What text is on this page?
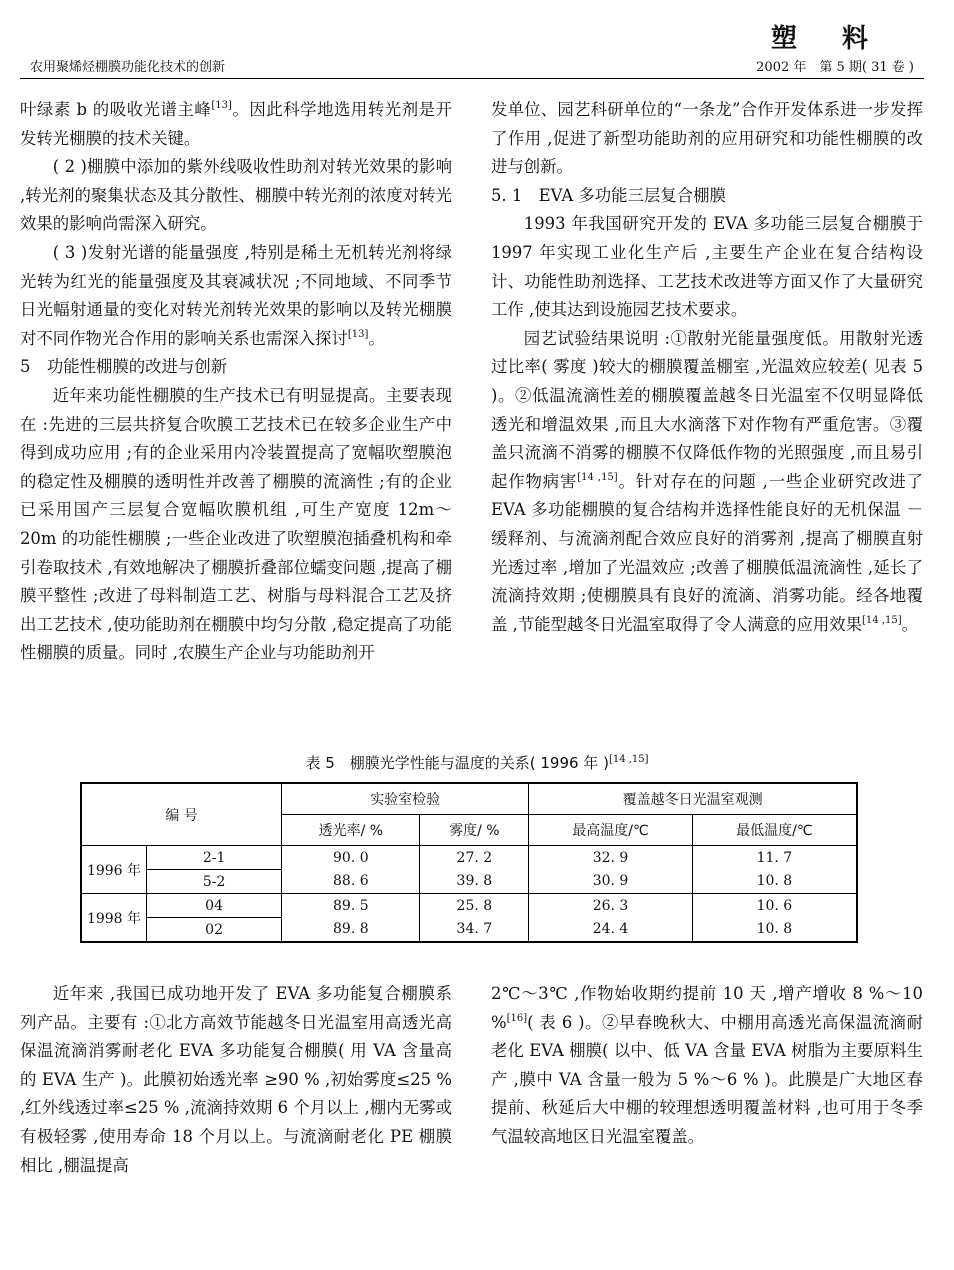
塑 料
农用聚烯烃棚膜功能化技术的创新	2002 年　第 5 期( 31 卷 )

叶绿素 b 的吸收光谱主峰[13]。因此科学地选用转光剂是开发转光棚膜的技术关键。

( 2 )棚膜中添加的紫外线吸收性助剂对转光效果的影响 ,转光剂的聚集状态及其分散性、棚膜中转光剂的浓度对转光效果的影响尚需深入研究。

( 3 )发射光谱的能量强度 ,特别是稀土无机转光剂将绿光转为红光的能量强度及其衰减状况 ;不同地域、不同季节日光幅射通量的变化对转光剂转光效果的影响以及转光棚膜对不同作物光合作用的影响关系也需深入探讨[13]。

5　功能性棚膜的改进与创新

近年来功能性棚膜的生产技术已有明显提高。主要表现在 :先进的三层共挤复合吹膜工艺技术已在较多企业生产中得到成功应用 ;有的企业采用内冷装置提高了宽幅吹塑膜泡的稳定性及棚膜的透明性并改善了棚膜的流滴性 ;有的企业已采用国产三层复合宽幅吹膜机组 ,可生产宽度 12m～20m 的功能性棚膜 ;一些企业改进了吹塑膜泡插叠机构和牵引卷取技术 ,有效地解决了棚膜折叠部位蠕变问题 ,提高了棚膜平整性 ;改进了母料制造工艺、树脂与母料混合工艺及挤出工艺技术 ,使功能助剂在棚膜中均匀分散 ,稳定提高了功能性棚膜的质量。同时 ,农膜生产企业与功能助剂开

发单位、园艺科研单位的“一条龙”合作开发体系进一步发挥了作用 ,促进了新型功能助剂的应用研究和功能性棚膜的改进与创新。

5. 1　EVA 多功能三层复合棚膜

1993 年我国研究开发的 EVA 多功能三层复合棚膜于 1997 年实现工业化生产后 ,主要生产企业在复合结构设计、功能性助剂选择、工艺技术改进等方面又作了大量研究工作 ,使其达到设施园艺技术要求。

园艺试验结果说明 :①散射光能量强度低。用散射光透过比率( 雾度 )较大的棚膜覆盖棚室 ,光温效应较差( 见表 5 )。②低温流滴性差的棚膜覆盖越冬日光温室不仅明显降低透光和增温效果 ,而且大水滴落下对作物有严重危害。③覆盖只流滴不消雾的棚膜不仅降低作物的光照强度 ,而且易引起作物病害[14 ,15]。针对存在的问题 ,一些企业研究改进了 EVA 多功能棚膜的复合结构并选择性能良好的无机保温 － 缓释剂、与流滴剂配合效应良好的消雾剂 ,提高了棚膜直射光透过率 ,增加了光温效应 ;改善了棚膜低温流滴性 ,延长了流滴持效期 ;使棚膜具有良好的流滴、消雾功能。经各地覆盖 ,节能型越冬日光温室取得了令人满意的应用效果[14 ,15]。

表 5　棚膜光学性能与温度的关系( 1996 年 )[14 ,15]
编 号		实验室检验		覆盖越冬日光温室观测	
		透光率/ %	雾度/ %	最高温度/℃	最低温度/℃
1996 年	2-1	90. 0	27. 2	32. 9	11. 7
	5-2	88. 6	39. 8	30. 9	10. 8
1998 年	04	89. 5	25. 8	26. 3	10. 6
	02	89. 8	34. 7	24. 4	10. 8

近年来 ,我国已成功地开发了 EVA 多功能复合棚膜系列产品。主要有 :①北方高效节能越冬日光温室用高透光高保温流滴消雾耐老化 EVA 多功能复合棚膜( 用 VA 含量高的 EVA 生产 )。此膜初始透光率 ≥90 % ,初始雾度≤25 % ,红外线透过率≤25 % ,流滴持效期 6 个月以上 ,棚内无雾或有极轻雾 ,使用寿命 18 个月以上。与流滴耐老化 PE 棚膜相比 ,棚温提高

2℃～3℃ ,作物始收期约提前 10 天 ,增产增收 8 %～10 %[16]( 表 6 )。②早春晚秋大、中棚用高透光高保温流滴耐老化 EVA 棚膜( 以中、低 VA 含量 EVA 树脂为主要原料生产 ,膜中 VA 含量一般为 5 %～6 % )。此膜是广大地区春提前、秋延后大中棚的较理想透明覆盖材料 ,也可用于冬季气温较高地区日光温室覆盖。
